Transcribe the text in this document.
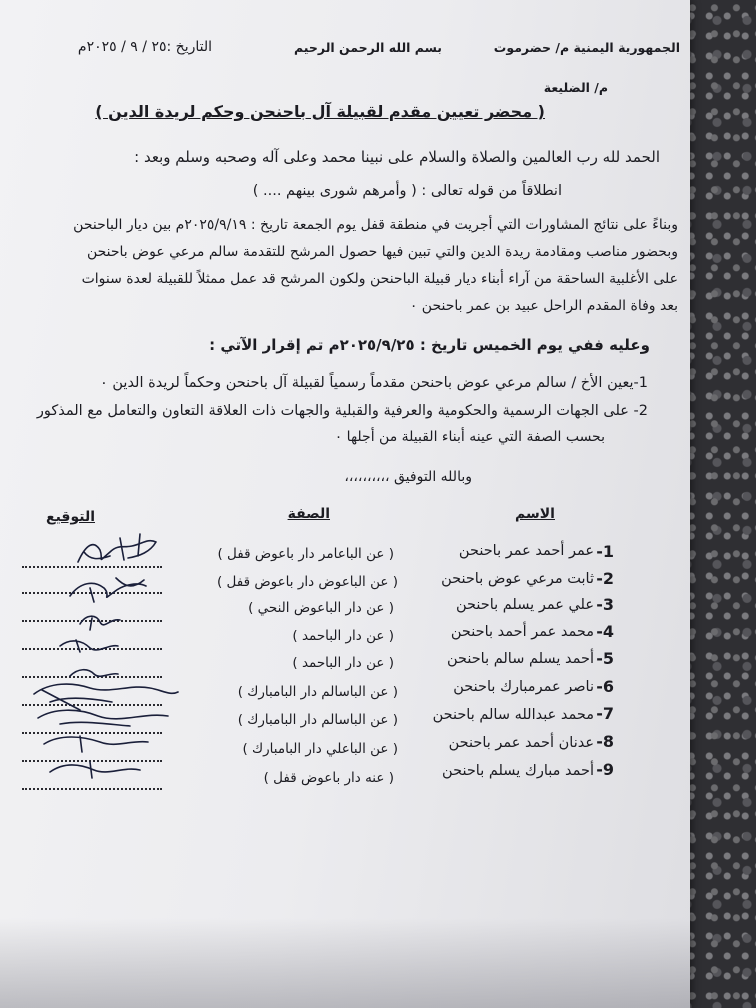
الجمهورية اليمنية م/ حضرموت
بسم الله الرحمن الرحيم
التاريخ :٢٥ / ٩ / ٢٠٢٥م
م/ الضليعة
( محضر تعيين مقدم لقبيلة آل باحنحن وحكم لريدة الدين )
الحمد لله رب العالمين والصلاة والسلام على نبينا محمد وعلى آله وصحبه وسلم وبعد :
انطلاقاً من قوله تعالى : ( وأمرهم شورى بينهم .... )
وبناءً على نتائج المشاورات التي أجريت في منطقة قفل يوم الجمعة تاريخ : ٢٠٢٥/٩/١٩م بين ديار الباحنحن
وبحضور مناصب ومقادمة ريدة الدين والتي تبين فيها حصول المرشح للتقدمة سالم مرعي عوض باحنحن
على الأغلبية الساحقة من آراء أبناء ديار قبيلة الباحنحن ولكون المرشح قد عمل ممثلاً للقبيلة لعدة سنوات
بعد وفاة المقدم الراحل عبيد بن عمر باحنحن ٠
وعليه ففي يوم الخميس تاريخ : ٢٠٢٥/٩/٢٥م تم إقرار الآتي :
1-يعين الأخ / سالم مرعي عوض باحنحن مقدماً رسمياً لقبيلة آل باحنحن وحكماً لريدة الدين ٠
2- على الجهات الرسمية والحكومية والعرفية والقبلية والجهات ذات العلاقة التعاون والتعامل مع المذكور
بحسب الصفة التي عينه أبناء القبيلة من أجلها ٠
وبالله التوفيق ،،،،،،،،،،
الاسم
الصفة
التوقيع
1-
عمر أحمد عمر باحنحن
( عن الباعامر دار باعوض قفل )
2-
ثابت مرعي عوض باحنحن
( عن الباعوض دار باعوض قفل )
3-
علي عمر يسلم باحنحن
( عن دار الباعوض النحي )
4-
محمد عمر أحمد باحنحن
( عن دار الباحمد )
5-
أحمد يسلم سالم باحنحن
( عن دار الباحمد )
6-
ناصر عمرمبارك باحنحن
( عن الباسالم دار البامبارك )
7-
محمد عبدالله سالم باحنحن
( عن الباسالم دار البامبارك )
8-
عدنان أحمد عمر باحنحن
( عن الباعلي دار البامبارك )
9-
أحمد مبارك يسلم باحنحن
( عنه دار باعوض قفل )
